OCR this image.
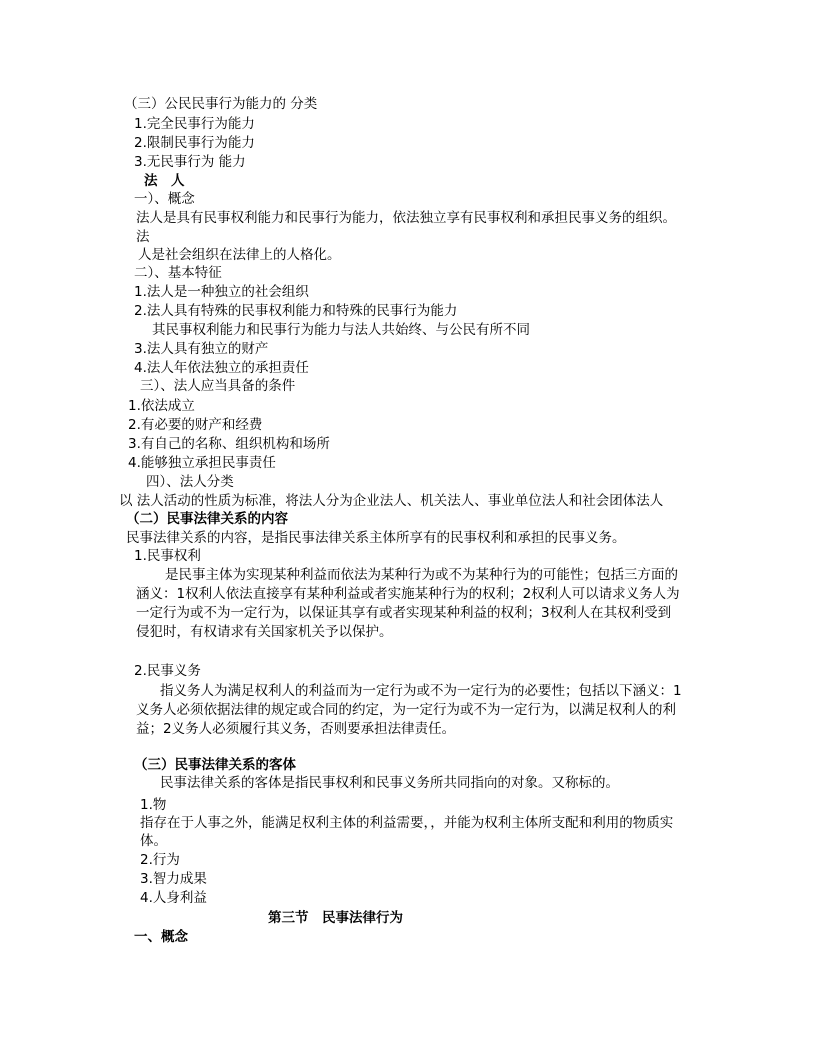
（三）公民民事行为能力的 分类
1.完全民事行为能力
2.限制民事行为能力
3.无民事行为 能力
法　人
一）、概念
法人是具有民事权利能力和民事行为能力，依法独立享有民事权利和承担民事义务的组织。
法
人是社会组织在法律上的人格化。
二）、基本特征
1.法人是一种独立的社会组织
2.法人具有特殊的民事权利能力和特殊的民事行为能力
其民事权利能力和民事行为能力与法人共始终、与公民有所不同
3.法人具有独立的财产
4.法人年依法独立的承担责任
三）、法人应当具备的条件
1.依法成立
2.有必要的财产和经费
3.有自己的名称、组织机构和场所
4.能够独立承担民事责任
四）、法人分类
以 法人活动的性质为标准，将法人分为企业法人、机关法人、事业单位法人和社会团体法人
（二）民事法律关系的内容
民事法律关系的内容，是指民事法律关系主体所享有的民事权利和承担的民事义务。
1.民事权利
是民事主体为实现某种利益而依法为某种行为或不为某种行为的可能性；包括三方面的
涵义：1权利人依法直接享有某种利益或者实施某种行为的权利；2权利人可以请求义务人为
一定行为或不为一定行为，以保证其享有或者实现某种利益的权利；3权利人在其权利受到
侵犯时，有权请求有关国家机关予以保护。
2.民事义务
指义务人为满足权利人的利益而为一定行为或不为一定行为的必要性；包括以下涵义：1
义务人必须依据法律的规定或合同的约定，为一定行为或不为一定行为，以满足权利人的利
益；2义务人必须履行其义务，否则要承担法律责任。
（三）民事法律关系的客体
民事法律关系的客体是指民事权利和民事义务所共同指向的对象。又称标的。
1.物
指存在于人事之外，能满足权利主体的利益需要，，并能为权利主体所支配和利用的物质实
体。
2.行为
3.智力成果
4.人身利益
第三节　民事法律行为
一、概念
